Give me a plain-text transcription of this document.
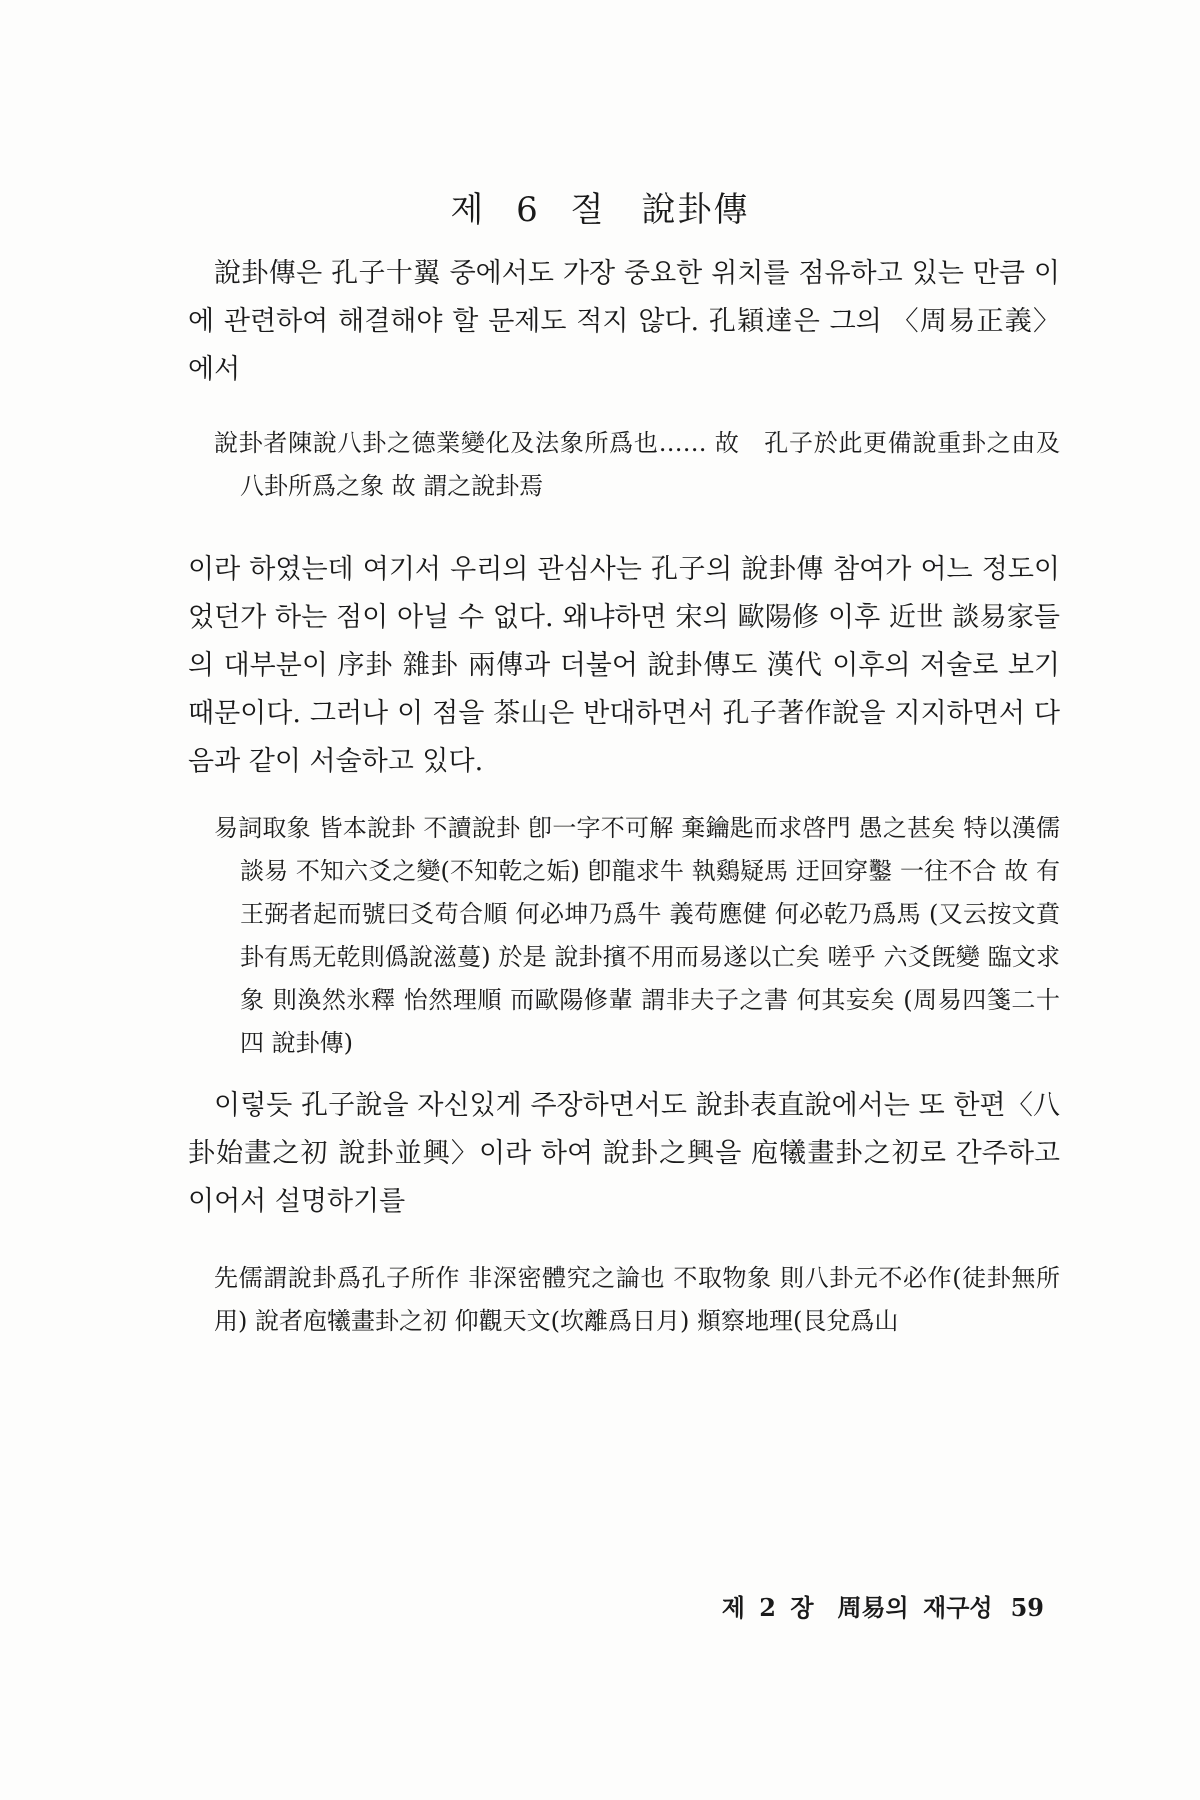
제 6 절　說卦傳

說卦傳은 孔子十翼 중에서도 가장 중요한 위치를 점유하고 있는 만큼 이에 관련하여 해결해야 할 문제도 적지 않다. 孔穎達은 그의 〈周易正義〉에서

說卦者陳說八卦之德業變化及法象所爲也…… 故　孔子於此更備說重卦之由及八卦所爲之象 故 謂之說卦焉

이라 하였는데 여기서 우리의 관심사는 孔子의 說卦傳 참여가 어느 정도이었던가 하는 점이 아닐 수 없다. 왜냐하면 宋의 歐陽修 이후 近世 談易家들의 대부분이 序卦 雜卦 兩傳과 더불어 說卦傳도 漢代 이후의 저술로 보기 때문이다. 그러나 이 점을 茶山은 반대하면서 孔子著作說을 지지하면서 다음과 같이 서술하고 있다.

易詞取象 皆本說卦 不讀說卦 卽一字不可解 棄鑰匙而求啓門 愚之甚矣 特以漢儒談易 不知六爻之變(不知乾之姤) 卽龍求牛 執鷄疑馬 迂回穿鑿 一往不合 故 有王弼者起而號曰爻苟合順 何必坤乃爲牛 義苟應健 何必乾乃爲馬 (又云按文賁卦有馬无乾則僞說滋蔓) 於是 說卦擯不用而易遂以亡矣 嗟乎 六爻旣變 臨文求象 則渙然氷釋 怡然理順 而歐陽修輩 謂非夫子之書 何其妄矣 (周易四箋二十四 說卦傳)

이렇듯 孔子說을 자신있게 주장하면서도 說卦表直說에서는 또 한편〈八卦始畫之初 說卦並興〉이라 하여 說卦之興을 庖犧畫卦之初로 간주하고 이어서 설명하기를

先儒謂說卦爲孔子所作 非深密體究之論也 不取物象 則八卦元不必作(徒卦無所用) 說者庖犧畫卦之初 仰觀天文(坎離爲日月) 頫察地理(艮兌爲山

제 2 장　周易의 재구성 59
